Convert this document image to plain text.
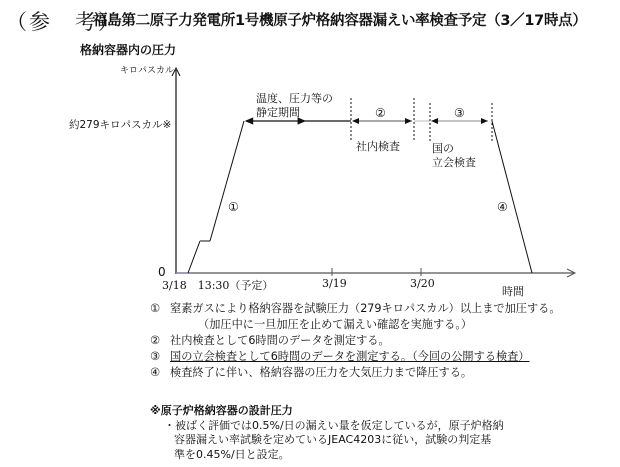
（参　考）
福島第二原子力発電所1号機原子炉格納容器漏えい率検査予定（3／17時点）
格納容器内の圧力
キロパスカル
約279キロパスカル※
0
3/18　13:30（予定）	3/19	3/20
時間
温度、圧力等の
静定期間	②
社内検査
③
国の
立会検査
①	④
① 窒素ガスにより格納容器を試験圧力（279キロパスカル）以上まで加圧する。
（加圧中に一旦加圧を止めて漏えい確認を実施する。）
② 社内検査として6時間のデータを測定する。
③ 国の立会検査として6時間のデータを測定する。（今回の公開する検査）
④ 検査終了に伴い、格納容器の圧力を大気圧力まで降圧する。
※原子炉格納容器の設計圧力
・被ばく評価では0.5%/日の漏えい量を仮定しているが，原子炉格納
容器漏えい率試験を定めているJEAC4203に従い，試験の判定基
準を0.45%/日と設定。
